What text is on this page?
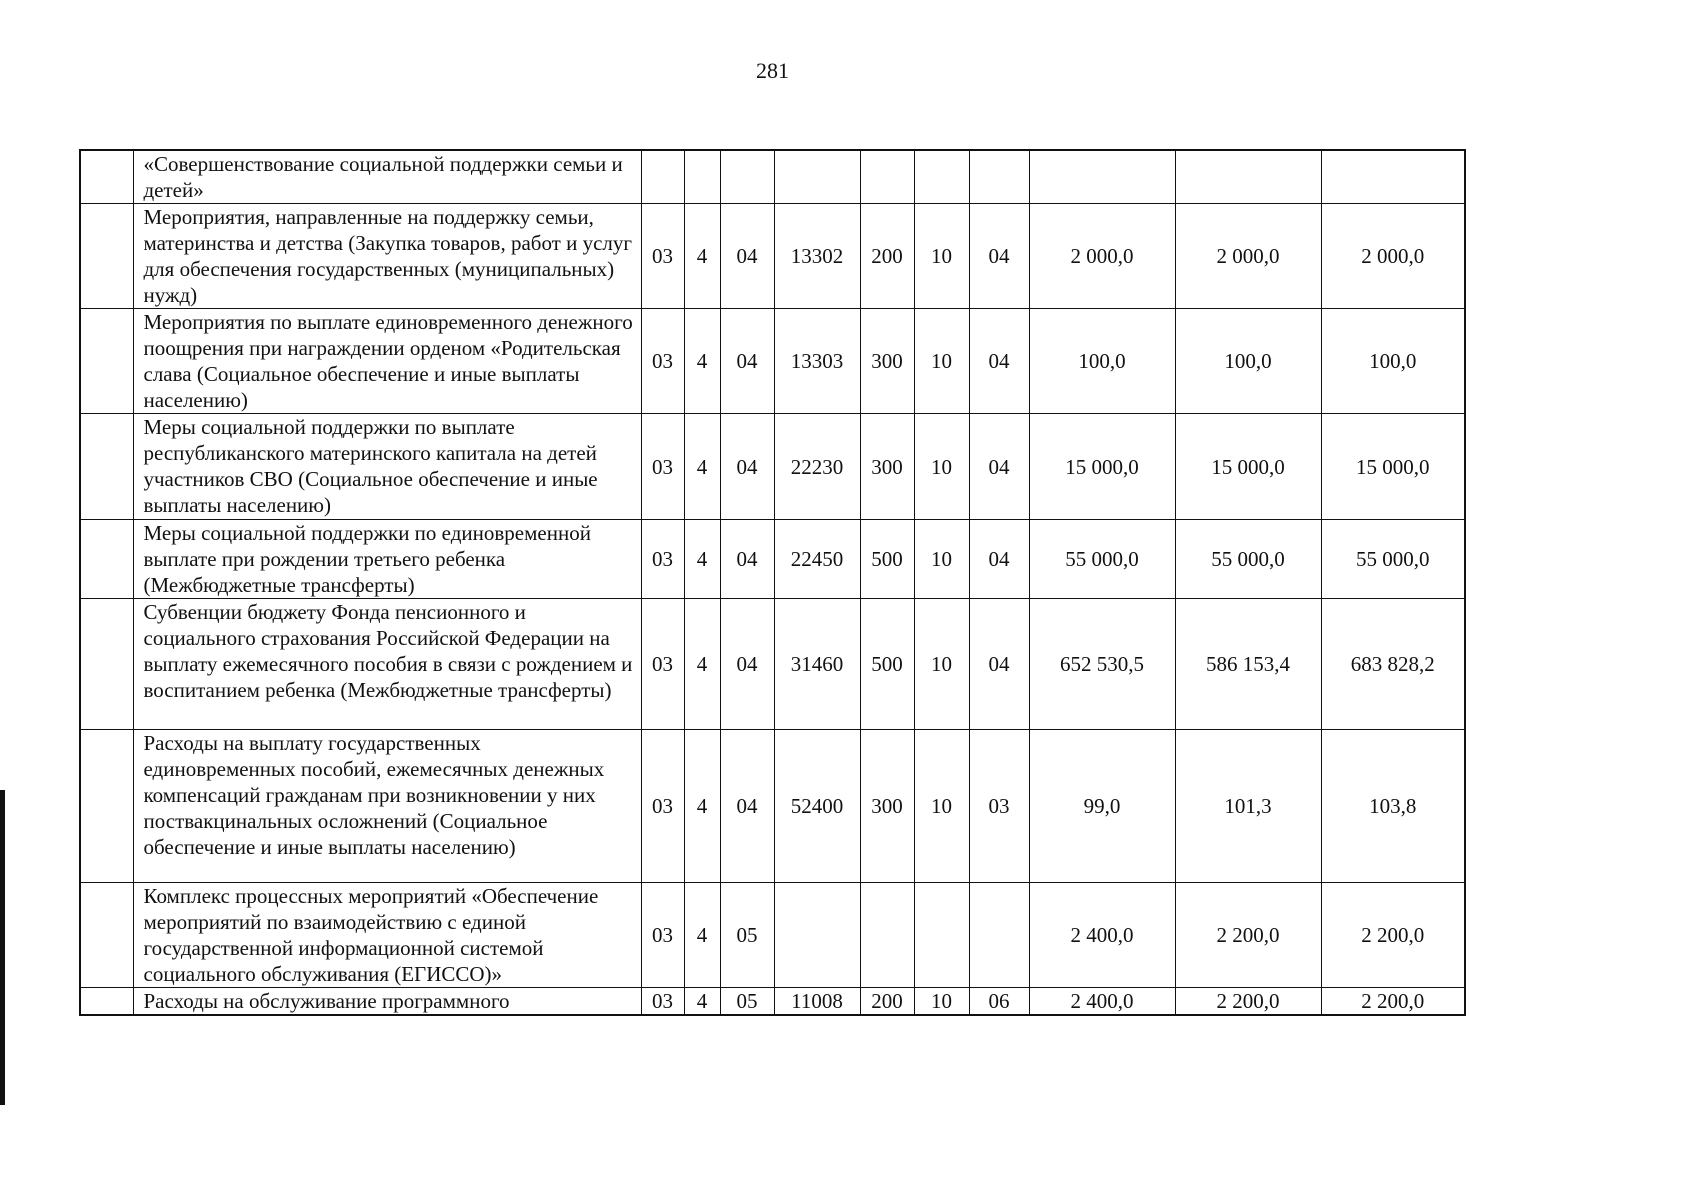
281
	«Совершенствование социальной поддержки семьи и детей»										
	Мероприятия, направленные на поддержку семьи, материнства и детства (Закупка товаров, работ и услуг для обеспечения государственных (муниципальных) нужд)	03	4	04	13302	200	10	04	2 000,0	2 000,0	2 000,0
	Мероприятия по выплате единовременного денежного поощрения при награждении орденом «Родительская слава (Социальное обеспечение и иные выплаты населению)	03	4	04	13303	300	10	04	100,0	100,0	100,0
	Меры социальной поддержки по выплате республиканского материнского капитала на детей участников СВО (Социальное обеспечение и иные выплаты населению)	03	4	04	22230	300	10	04	15 000,0	15 000,0	15 000,0
	Меры социальной поддержки по единовременной выплате при рождении третьего ребенка (Межбюджетные трансферты)	03	4	04	22450	500	10	04	55 000,0	55 000,0	55 000,0
	Субвенции бюджету Фонда пенсионного и социального страхования Российской Федерации на выплату ежемесячного пособия в связи с рождением и воспитанием ребенка (Межбюджетные трансферты)	03	4	04	31460	500	10	04	652 530,5	586 153,4	683 828,2
	Расходы на выплату государственных единовременных пособий, ежемесячных денежных компенсаций гражданам при возникновении у них поствакцинальных осложнений (Социальное обеспечение и иные выплаты населению)	03	4	04	52400	300	10	03	99,0	101,3	103,8
	Комплекс процессных мероприятий «Обеспечение мероприятий по взаимодействию с единой государственной информационной системой социального обслуживания (ЕГИССО)»	03	4	05					2 400,0	2 200,0	2 200,0
	Расходы на обслуживание программного	03	4	05	11008	200	10	06	2 400,0	2 200,0	2 200,0
